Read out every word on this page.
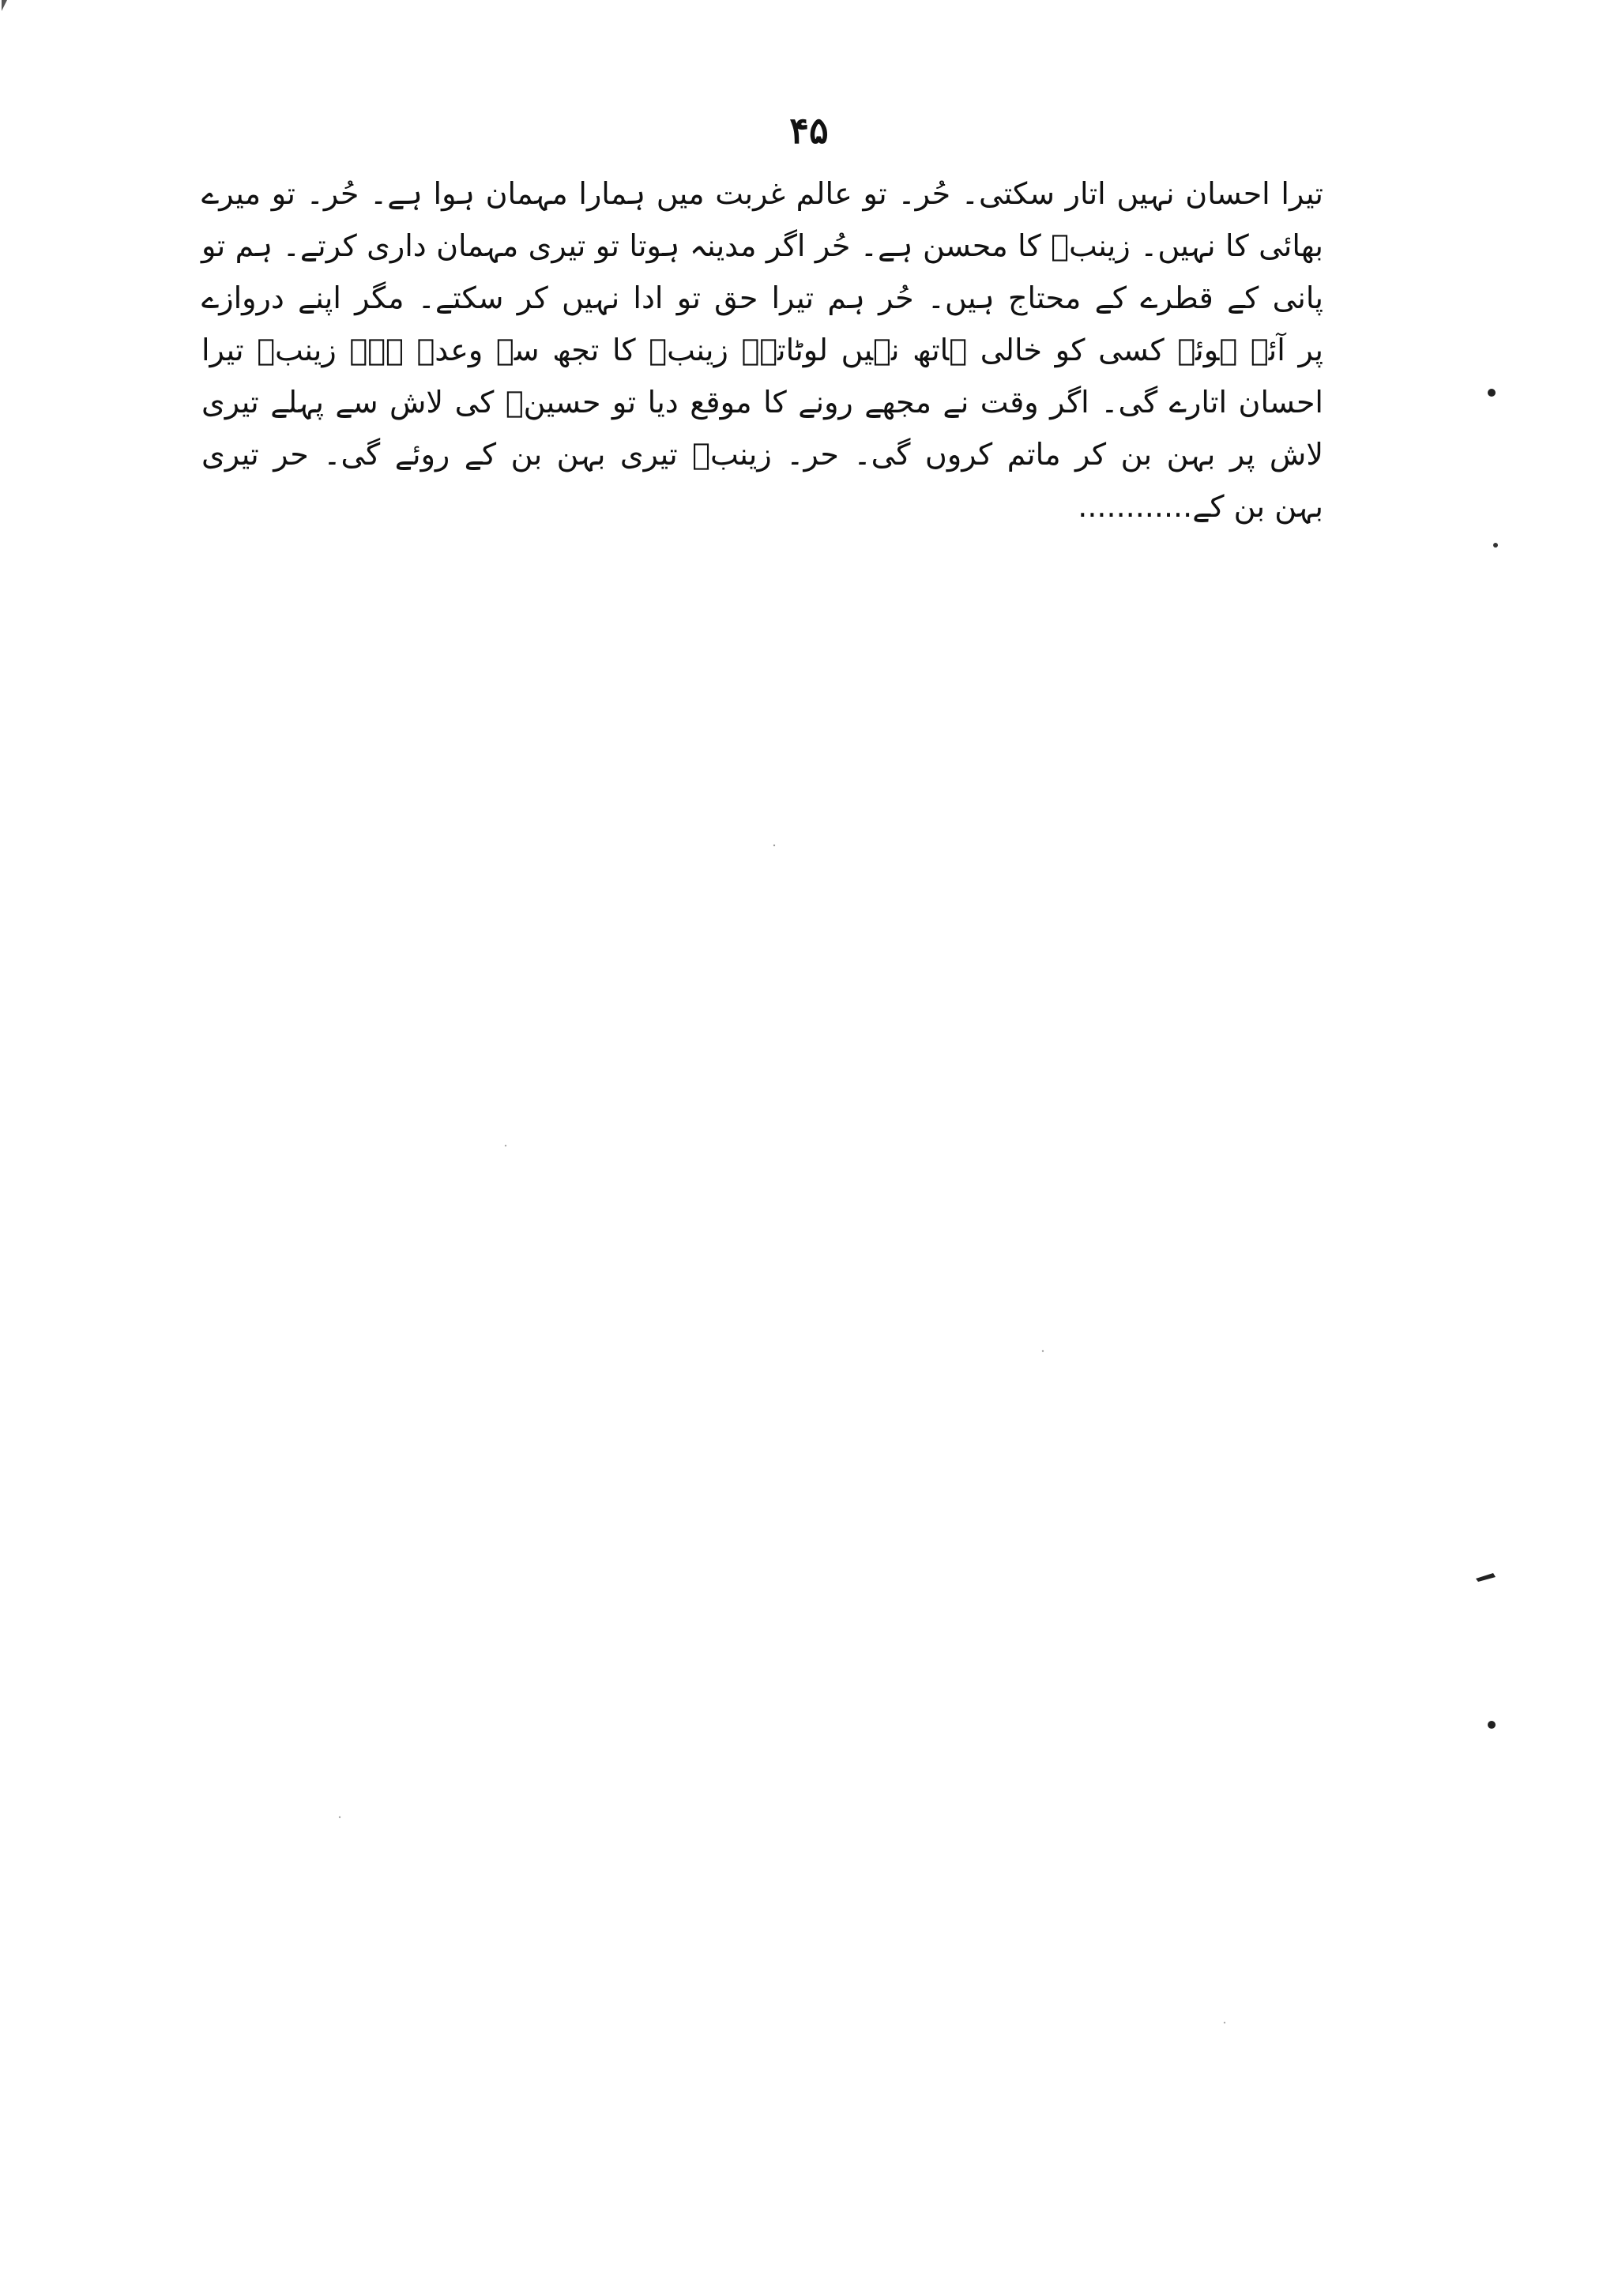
۴۵
تیرا احسان نہیں اتار سکتی۔ حُر۔ تو عالم غربت میں ہمارا مہمان ہوا ہے۔ حُر۔ تو میرے
بھائی کا نہیں۔ زینبؑ کا محسن ہے۔ حُر اگر مدینہ ہوتا تو تیری مہمان داری کرتے۔ ہم تو
پانی کے قطرے کے محتاج ہیں۔ حُر ہم تیرا حق تو ادا نہیں کر سکتے۔ مگر اپنے دروازے
پر آئے ہوئے کسی کو خالی ہاتھ نہیں لوٹاتے۔ زینبؑ کا تجھ سے وعدہ ہے۔ زینبؑ تیرا
احسان اتارے گی۔ اگر وقت نے مجھے رونے کا موقع دیا تو حسینؑ کی لاش سے پہلے تیری
لاش پر بہن بن کر ماتم کروں گی۔ حر۔ زینبؑ تیری بہن بن کے روئے گی۔ حر تیری
بہن بن کے............
